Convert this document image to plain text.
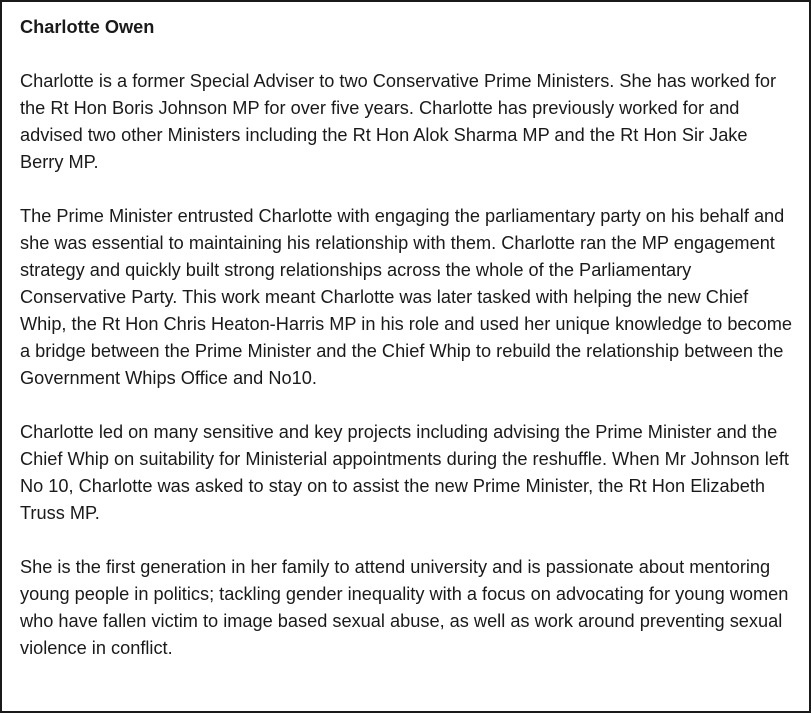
Charlotte Owen

Charlotte is a former Special Adviser to two Conservative Prime Ministers. She has worked for the Rt Hon Boris Johnson MP for over five years. Charlotte has previously worked for and advised two other Ministers including the Rt Hon Alok Sharma MP and the Rt Hon Sir Jake Berry MP.

The Prime Minister entrusted Charlotte with engaging the parliamentary party on his behalf and she was essential to maintaining his relationship with them. Charlotte ran the MP engagement strategy and quickly built strong relationships across the whole of the Parliamentary Conservative Party. This work meant Charlotte was later tasked with helping the new Chief Whip, the Rt Hon Chris Heaton-Harris MP in his role and used her unique knowledge to become a bridge between the Prime Minister and the Chief Whip to rebuild the relationship between the Government Whips Office and No10.

Charlotte led on many sensitive and key projects including advising the Prime Minister and the Chief Whip on suitability for Ministerial appointments during the reshuffle. When Mr Johnson left No 10, Charlotte was asked to stay on to assist the new Prime Minister, the Rt Hon Elizabeth Truss MP.

She is the first generation in her family to attend university and is passionate about mentoring young people in politics; tackling gender inequality with a focus on advocating for young women who have fallen victim to image based sexual abuse, as well as work around preventing sexual violence in conflict.
